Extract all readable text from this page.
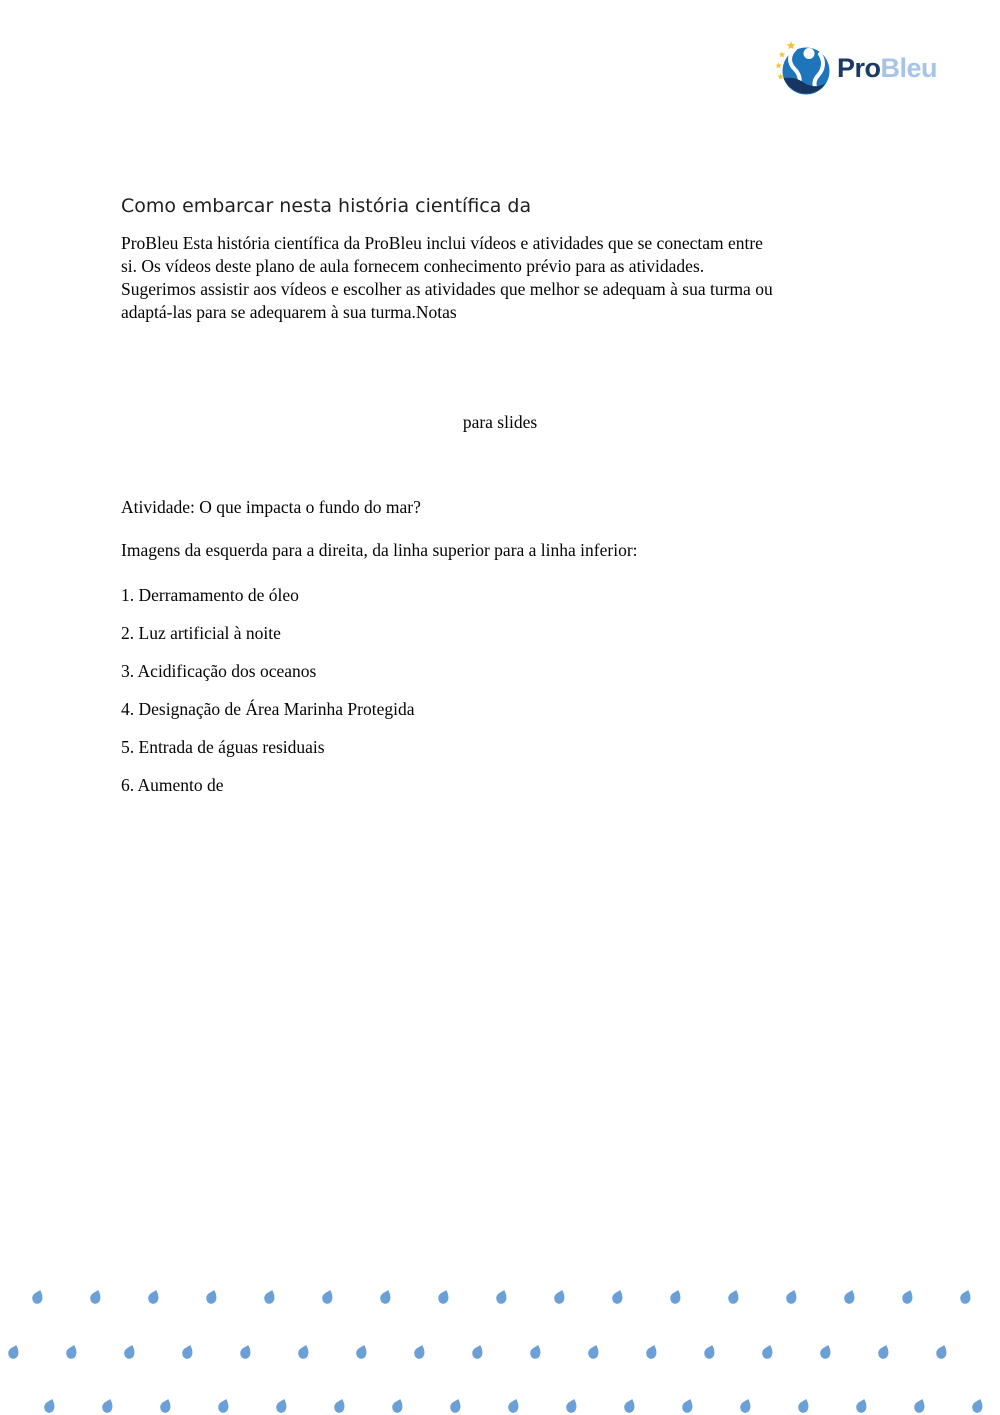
ProBleu
Como embarcar nesta história científica da
ProBleu Esta história científica da ProBleu inclui vídeos e atividades que se conectam entre
si. Os vídeos deste plano de aula fornecem conhecimento prévio para as atividades.
Sugerimos assistir aos vídeos e escolher as atividades que melhor se adequam à sua turma ou
adaptá-las para se adequarem à sua turma.Notas
para slides
Atividade: O que impacta o fundo do mar?
Imagens da esquerda para a direita, da linha superior para a linha inferior:
1. Derramamento de óleo
2. Luz artificial à noite
3. Acidificação dos oceanos
4. Designação de Área Marinha Protegida
5. Entrada de águas residuais
6. Aumento de
